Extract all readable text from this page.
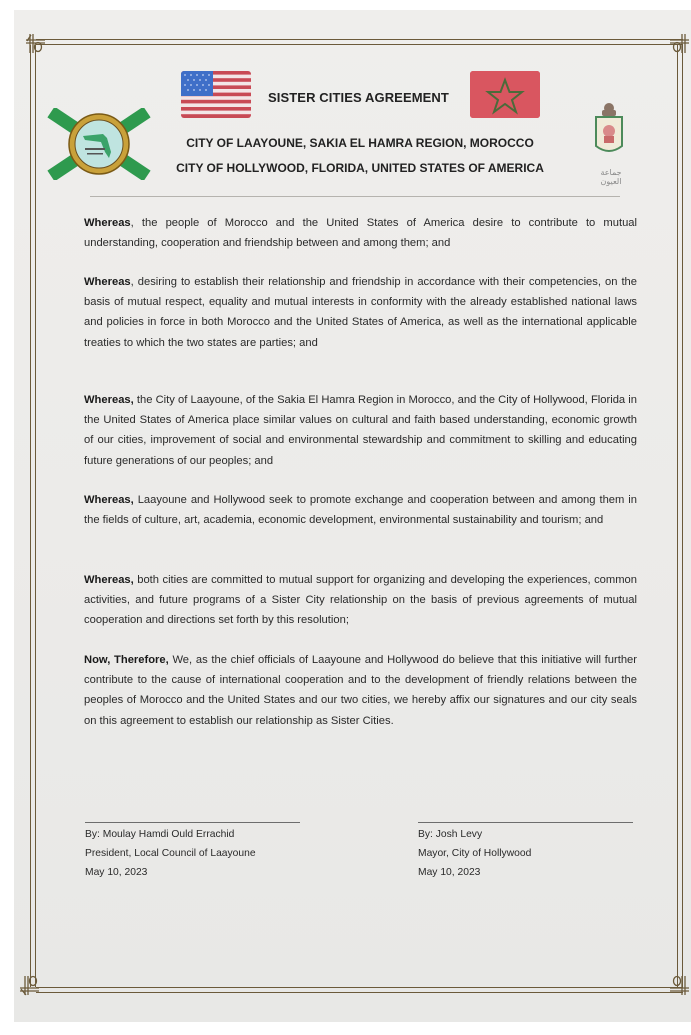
SISTER CITIES AGREEMENT
CITY OF LAAYOUNE, SAKIA EL HAMRA REGION, MOROCCO
CITY OF HOLLYWOOD, FLORIDA, UNITED STATES OF AMERICA	جماعة العيون

Whereas, the people of Morocco and the United States of America desire to contribute to mutual understanding, cooperation and friendship between and among them; and

Whereas, desiring to establish their relationship and friendship in accordance with their competencies, on the basis of mutual respect, equality and mutual interests in conformity with the already established national laws and policies in force in both Morocco and the United States of America, as well as the international applicable treaties to which the two states are parties; and

Whereas, the City of Laayoune, of the Sakia El Hamra Region in Morocco, and the City of Hollywood, Florida in the United States of America place similar values on cultural and faith based understanding, economic growth of our cities, improvement of social and environmental stewardship and commitment to skilling and educating future generations of our peoples; and

Whereas, Laayoune and Hollywood seek to promote exchange and cooperation between and among them in the fields of culture, art, academia, economic development, environmental sustainability and tourism; and

Whereas, both cities are committed to mutual support for organizing and developing the experiences, common activities, and future programs of a Sister City relationship on the basis of previous agreements of mutual cooperation and directions set forth by this resolution;

Now, Therefore, We, as the chief officials of Laayoune and Hollywood do believe that this initiative will further contribute to the cause of international cooperation and to the development of friendly relations between the peoples of Morocco and the United States and our two cities, we hereby affix our signatures and our city seals on this agreement to establish our relationship as Sister Cities.

By: Moulay Hamdi Ould Errachid
President, Local Council of Laayoune
May 10, 2023
By: Josh Levy
Mayor, City of Hollywood
May 10, 2023
